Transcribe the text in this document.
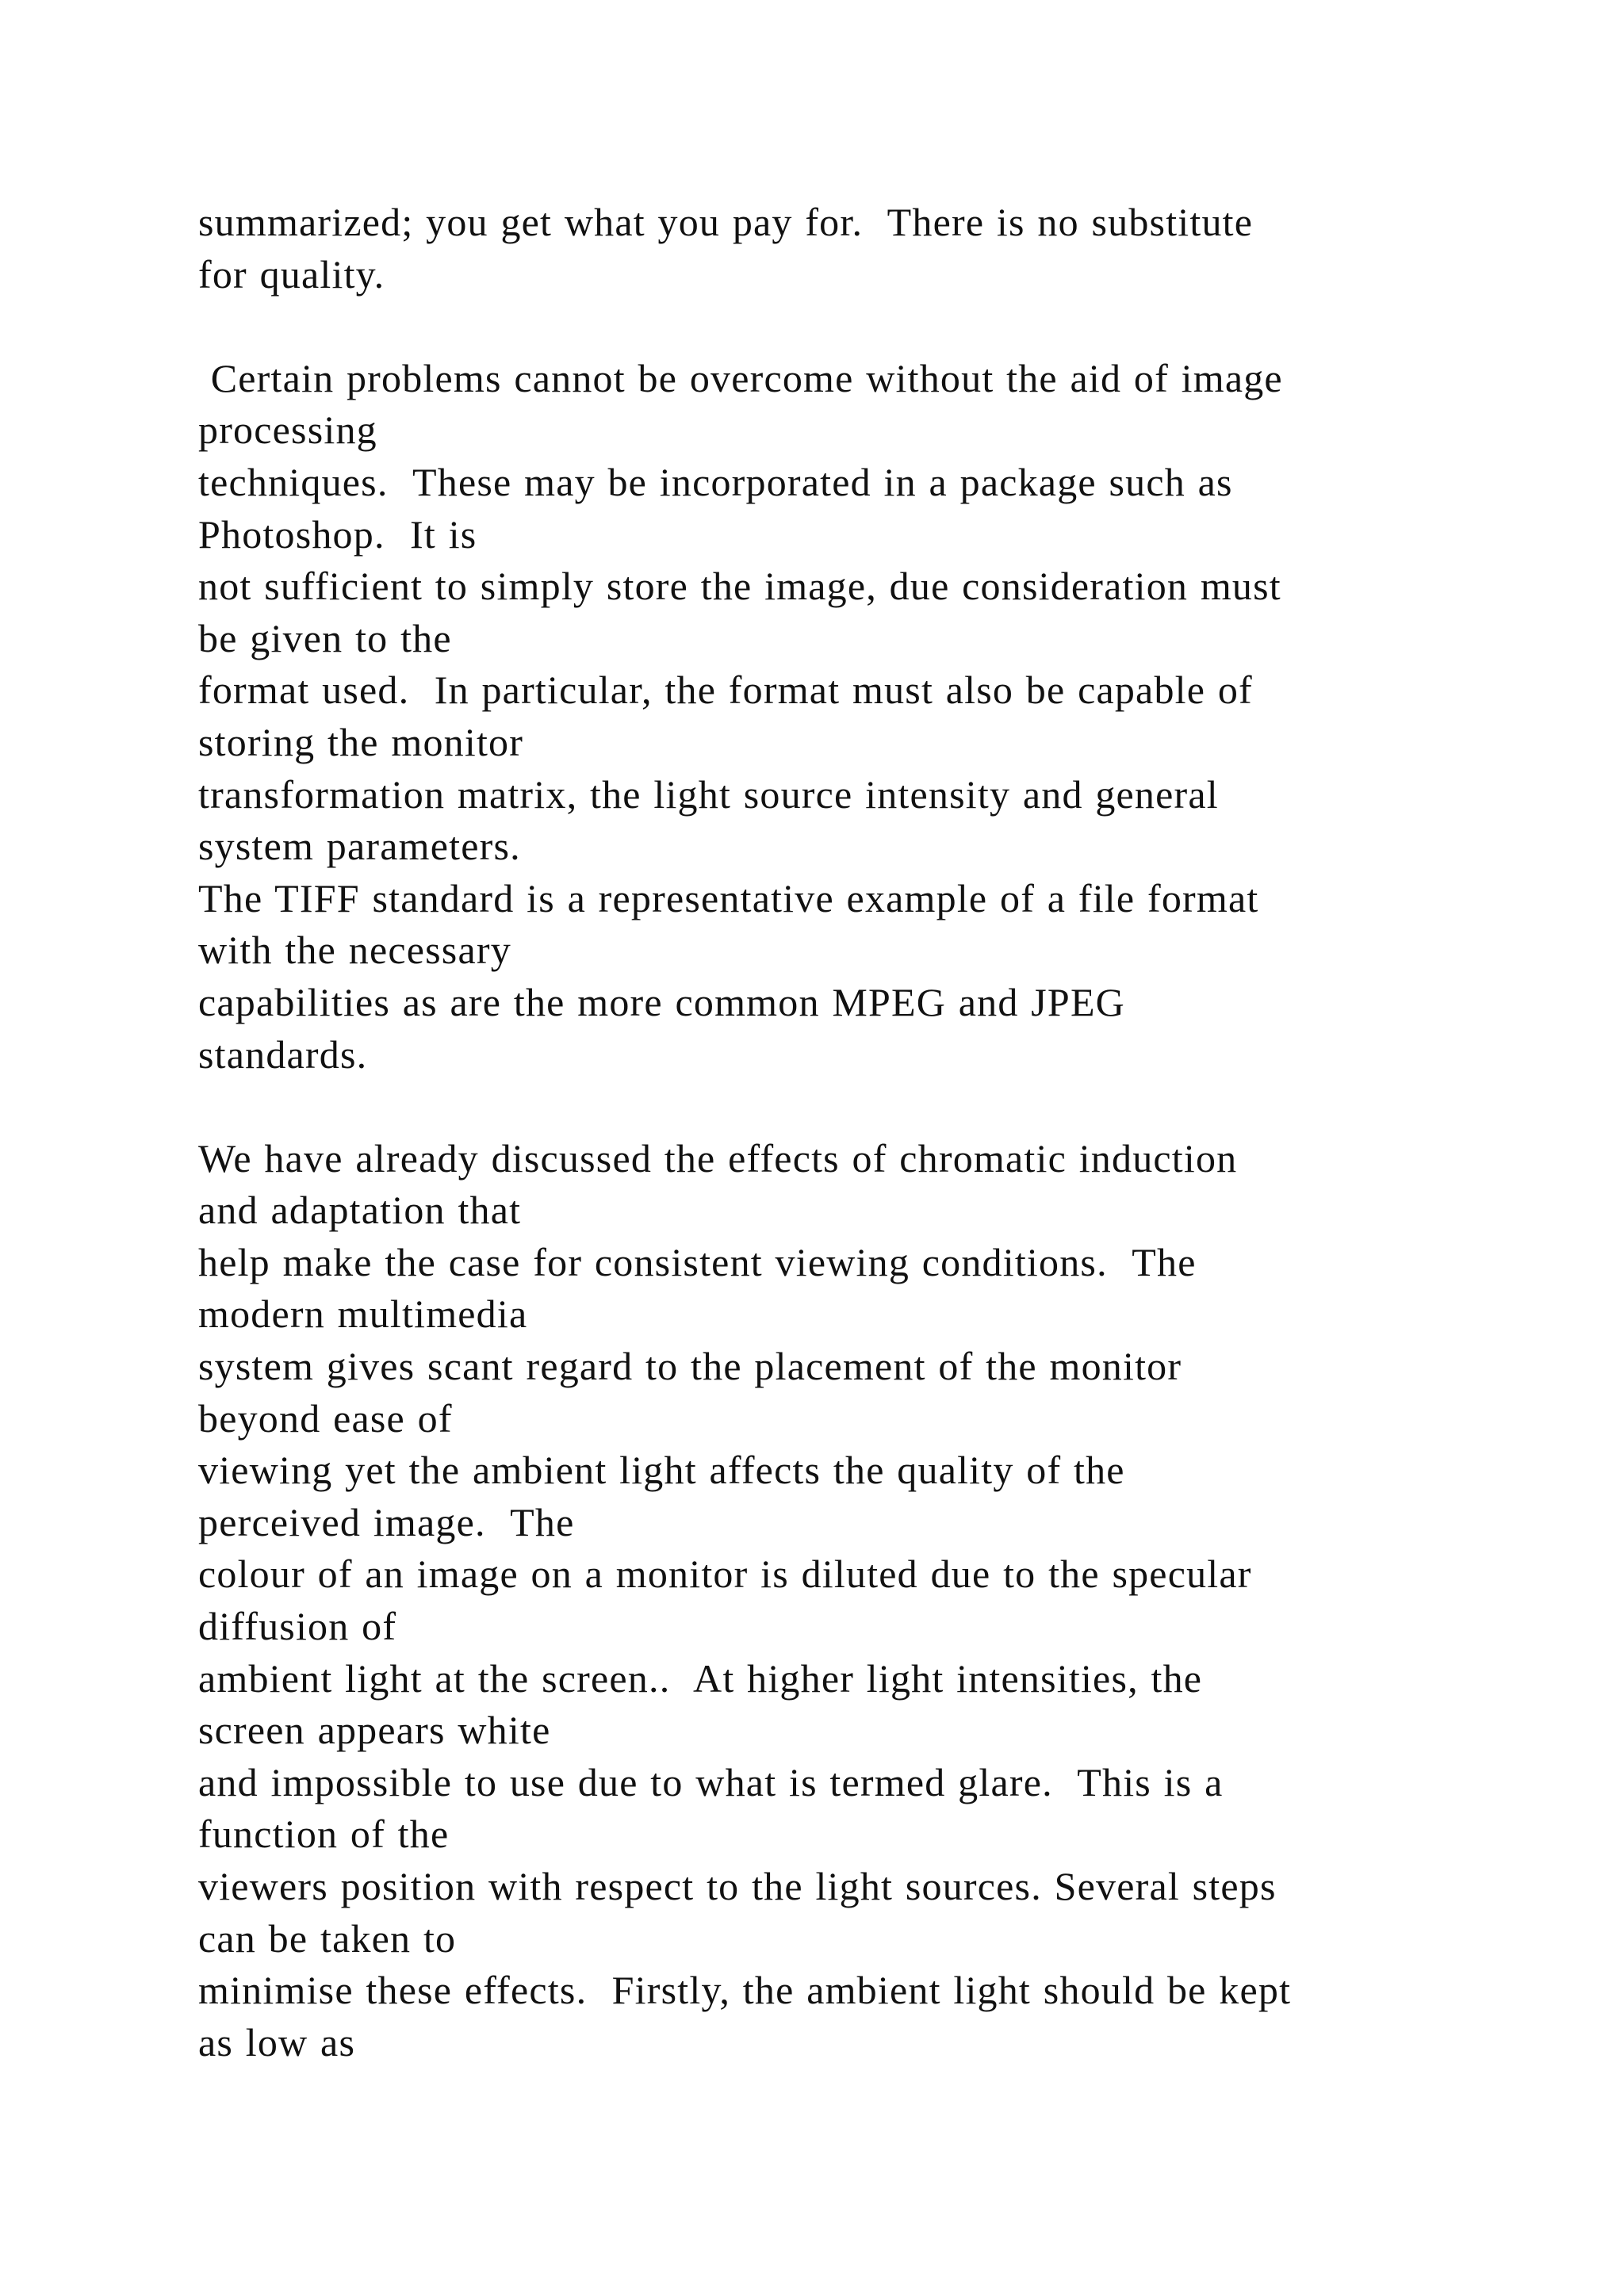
summarized; you get what you pay for.  There is no substitute
for quality.
Certain problems cannot be overcome without the aid of image
processing
techniques.  These may be incorporated in a package such as
Photoshop.  It is
not sufficient to simply store the image, due consideration must
be given to the
format used.  In particular, the format must also be capable of
storing the monitor
transformation matrix, the light source intensity and general
system parameters.
The TIFF standard is a representative example of a file format
with the necessary
capabilities as are the more common MPEG and JPEG
standards.
We have already discussed the effects of chromatic induction
and adaptation that
help make the case for consistent viewing conditions.  The
modern multimedia
system gives scant regard to the placement of the monitor
beyond ease of
viewing yet the ambient light affects the quality of the
perceived image.  The
colour of an image on a monitor is diluted due to the specular
diffusion of
ambient light at the screen..  At higher light intensities, the
screen appears white
and impossible to use due to what is termed glare.  This is a
function of the
viewers position with respect to the light sources. Several steps
can be taken to
minimise these effects.  Firstly, the ambient light should be kept
as low as
